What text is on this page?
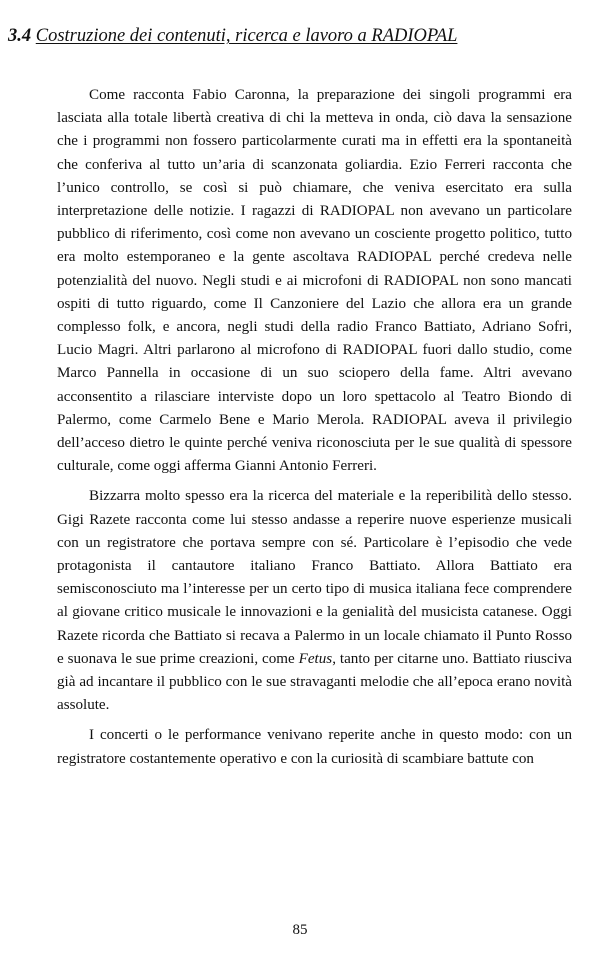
3.4 Costruzione dei contenuti, ricerca e lavoro a RADIOPAL

Come racconta Fabio Caronna, la preparazione dei singoli programmi era lasciata alla totale libertà creativa di chi la metteva in onda, ciò dava la sensazione che i programmi non fossero particolarmente curati ma in effetti era la spontaneità che conferiva al tutto un’aria di scanzonata goliardia. Ezio Ferreri racconta che l’unico controllo, se così si può chiamare, che veniva esercitato era sulla interpretazione delle notizie. I ragazzi di RADIOPAL non avevano un particolare pubblico di riferimento, così come non avevano un cosciente progetto politico, tutto era molto estemporaneo e la gente ascoltava RADIOPAL perché credeva nelle potenzialità del nuovo. Negli studi e ai microfoni di RADIOPAL non sono mancati ospiti di tutto riguardo, come Il Canzoniere del Lazio che allora era un grande complesso folk, e ancora, negli studi della radio Franco Battiato, Adriano Sofri, Lucio Magri. Altri parlarono al microfono di RADIOPAL fuori dallo studio, come Marco Pannella in occasione di un suo sciopero della fame. Altri avevano acconsentito a rilasciare interviste dopo un loro spettacolo al Teatro Biondo di Palermo, come Carmelo Bene e Mario Merola. RADIOPAL aveva il privilegio dell’acceso dietro le quinte perché veniva riconosciuta per le sue qualità di spessore culturale, come oggi afferma Gianni Antonio Ferreri.

Bizzarra molto spesso era la ricerca del materiale e la reperibilità dello stesso. Gigi Razete racconta come lui stesso andasse a reperire nuove esperienze musicali con un registratore che portava sempre con sé. Particolare è l’episodio che vede protagonista il cantautore italiano Franco Battiato. Allora Battiato era semisconosciuto ma l’interesse per un certo tipo di musica italiana fece comprendere al giovane critico musicale le innovazioni e la genialità del musicista catanese. Oggi Razete ricorda che Battiato si recava a Palermo in un locale chiamato il Punto Rosso e suonava le sue prime creazioni, come Fetus, tanto per citarne uno. Battiato riusciva già ad incantare il pubblico con le sue stravaganti melodie che all’epoca erano novità assolute.

I concerti o le performance venivano reperite anche in questo modo: con un registratore costantemente operativo e con la curiosità di scambiare battute con

85
